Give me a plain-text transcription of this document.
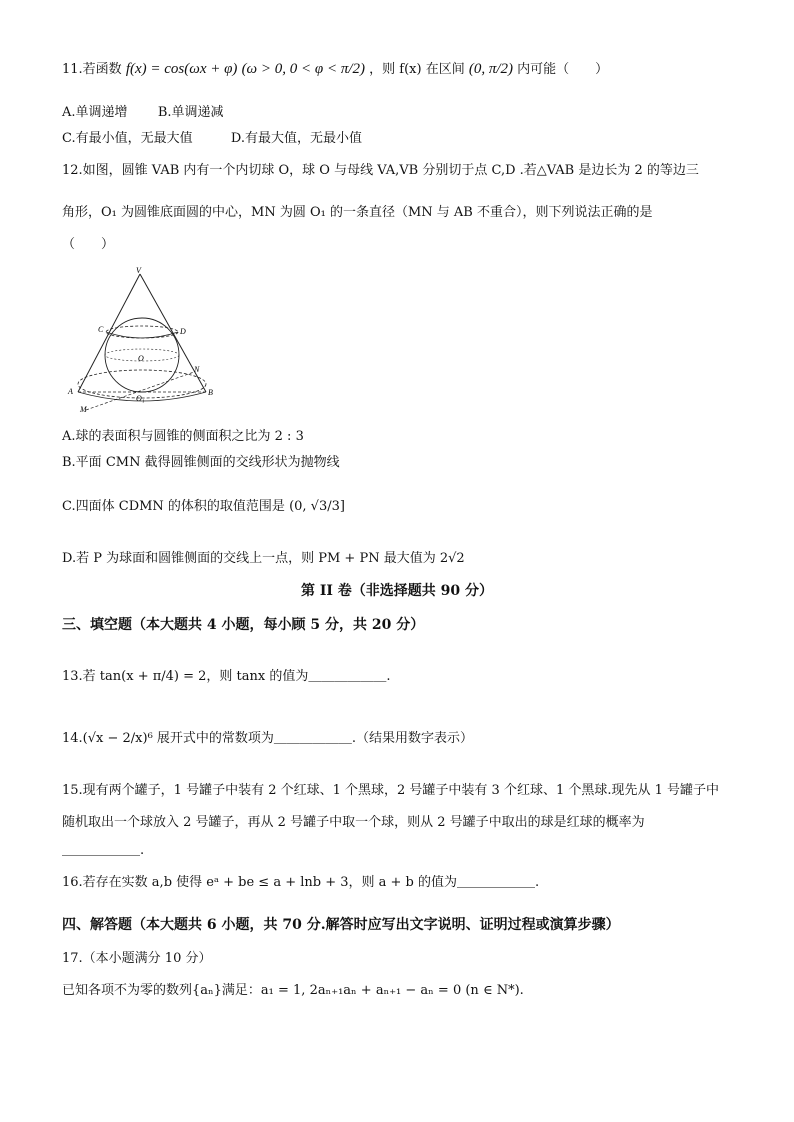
11.若函数 f(x) = cos(ωx + φ) (ω > 0, 0 < φ < π/2) ，则 f(x) 在区间 (0, π/2) 内可能（　　）
A.单调递增 B.单调递减
C.有最小值，无最大值	D.有最大值，无最小值
12.如图，圆锥 VAB 内有一个内切球 O，球 O 与母线 VA,VB 分别切于点 C,D .若△VAB 是边长为 2 的等边三
角形，O₁ 为圆锥底面圆的中心，MN 为圆 O₁ 的一条直径（MN 与 AB 不重合），则下列说法正确的是
（　　）
V
C	D
O
A	B
O₁
M
N
A.球的表面积与圆锥的侧面积之比为 2 : 3
B.平面 CMN 截得圆锥侧面的交线形状为抛物线
C.四面体 CDMN 的体积的取值范围是 (0, √3/3]
D.若 P 为球面和圆锥侧面的交线上一点，则 PM + PN 最大值为 2√2
第 II 卷（非选择题共 90 分）
三、填空题（本大题共 4 小题，每小顾 5 分，共 20 分）
13.若 tan(x + π/4) = 2，则 tanx 的值为＿＿＿＿＿＿.
14.(√x − 2/x)⁶ 展开式中的常数项为＿＿＿＿＿＿.（结果用数字表示）
15.现有两个罐子，1 号罐子中装有 2 个红球、1 个黑球，2 号罐子中装有 3 个红球、1 个黑球.现先从 1 号罐子中
随机取出一个球放入 2 号罐子，再从 2 号罐子中取一个球，则从 2 号罐子中取出的球是红球的概率为
＿＿＿＿＿＿.
16.若存在实数 a,b 使得 eᵃ + be ≤ a + lnb + 3，则 a + b 的值为＿＿＿＿＿＿.
四、解答题（本大题共 6 小题，共 70 分.解答时应写出文字说明、证明过程或演算步骤）
17.（本小题满分 10 分）
已知各项不为零的数列{aₙ}满足：a₁ = 1, 2aₙ₊₁aₙ + aₙ₊₁ − aₙ = 0 (n ∈ N*).
